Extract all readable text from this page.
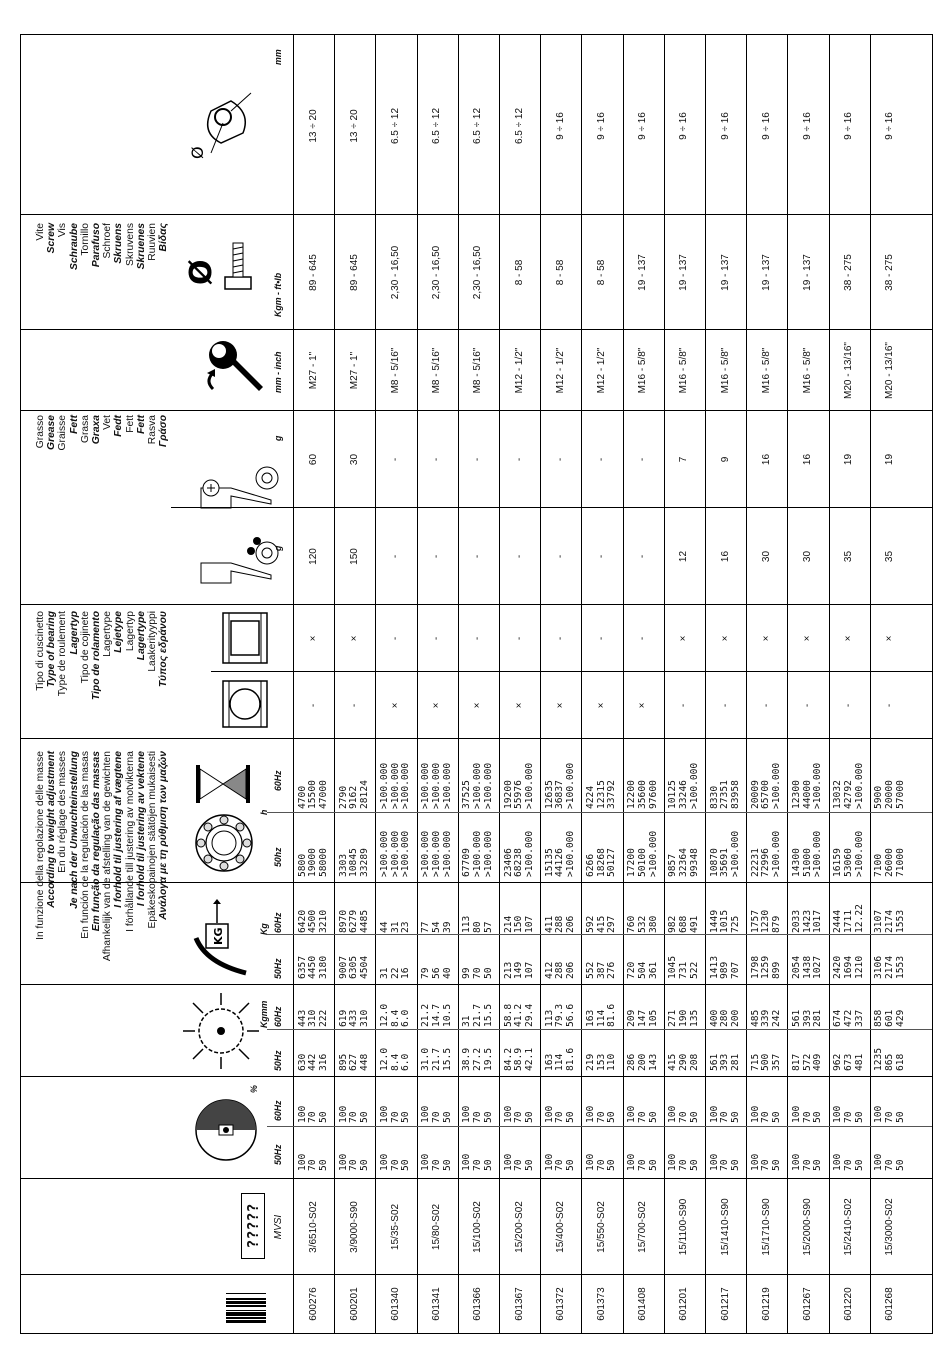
????? MVSI
%
50Hz
60Hz
Kgmm
50Hz
60Hz
KG	Kg
50Hz
60Hz
h
50hz
60Hz
In funzione della regolazione delle masse According to weight adjustment En du réglage des masses Je nach der Unwuchteinstellung En función de la regulación de las masas Em função da regulação das massas Afhankelijk van de afstelling van de gewichten I forhold til justering af vægtene I förhållande till justering av motvikterna I forhold til justering av vektene Epäkeskopainojen säätöjen mukaisesti Ανάλογα με τη ρύθμιση των μαζών
Tipo di cuscinetto Type of bearing Type de roulement Lagertyp Tipo de cojinete Tipo de rolamento Lagertype Lejetype Lagertyp Lagertype Laakerityyppi Τύπος εδράνου
Grasso Grease Graisse Fett Grasa Graxa Vet Fedt Fett Fett Rasva Γράσο
Vite Screw Vis Schraube Tornillo Parafuso Schroef Skruens Skruvens Skruenes Ruuvien Βίδας
g
g
mm - inch
Ø
Kgm - ft•lb
Ø
mm
600276
3/6510-S02
100 70 50
100 70 50
630 442 316
443 310 222
6357 4450 3180
6420 4500 3210
5800 19000 58000
4700 15500 47000
-
×
120
60
M27 - 1"
89 - 645
13 ÷ 20
600201
3/9000-S90
100 70 50
100 70 50
895 627 448
619 433 310
9007 6305 4504
8970 6279 4485
3303 10845 33289
2790 9162 28124
-
×
150
30
M27 - 1"
89 - 645
13 ÷ 20
601340
15/35-S02
100 70 50
100 70 50
12.0 8.4 6.0
12.0 8.4 6.0
31 22 16
44 31 23
>100.000 >100.000 >100.000
>100.000 >100.000 >100.000
×
-
-
-
M8 - 5/16"
2,30 - 16,50
6.5 ÷ 12
601341
15/80-S02
100 70 50
100 70 50
31.0 21.7 15.5
21.2 14.7 10.5
79 56 40
77 54 39
>100.000 >100.000 >100.000
>100.000 >100.000 >100.000
×
-
-
-
M8 - 5/16"
2,30 - 16,50
6.5 ÷ 12
601366
15/100-S02
100 70 50
100 70 50
38.9 27.2 19.5
31 21.7 15.5
99 70 50
113 80 57
67709 >100.000 >100.000
37525 >100.000 >100.000
×
-
-
-
M8 - 5/16"
2,30 - 16,50
6.5 ÷ 12
601367
15/200-S02
100 70 50
100 70 50
84.2 58.9 42.1
58.8 41.2 29.4
213 149 107
214 150 107
23406 68238 >100.000
19200 55976 >100.000
×
-
-
-
M12 - 1/2"
8 - 58
6.5 ÷ 12
601372
15/400-S02
100 70 50
100 70 50
163 114 81.6
113 79.3 56.6
412 288 206
411 288 206
15135 44126 >100.000
12635 36837 >100.000
×
-
-
-
M12 - 1/2"
8 - 58
9 ÷ 16
601373
15/550-S02
100 70 50
100 70 50
219 153 110
163 114 81.6
552 387 276
592 415 297
6266 18268 50127
4224 12315 33792
×
-
-
-
M12 - 1/2"
8 - 58
9 ÷ 16
601408
15/700-S02
100 70 50
100 70 50
286 200 143
209 147 105
720 504 361
760 532 380
17200 50100 >100.000
12200 35600 97600
×
-
-
-
M16 - 5/8"
19 - 137
9 ÷ 16
601201
15/1100-S90
100 70 50
100 70 50
415 290 208
271 190 135
1045 731 522
982 688 491
9857 32364 99348
10125 33246 >100.000
-
×
12
7
M16 - 5/8"
19 - 137
9 ÷ 16
601217
15/1410-S90
100 70 50
100 70 50
561 393 281
400 280 200
1413 989 707
1449 1015 725
10870 35691 >100.000
8330 27351 83958
-
×
16
9
M16 - 5/8"
19 - 137
9 ÷ 16
601219
15/1710-S90
100 70 50
100 70 50
715 500 357
485 339 242
1798 1259 899
1757 1230 879
22231 72996 >100.000
20009 65700 >100.000
-
×
30
16
M16 - 5/8"
19 - 137
9 ÷ 16
601267
15/2000-S90
100 70 50
100 70 50
817 572 409
561 393 281
2054 1438 1027
2033 1423 1017
14300 51000 >100.000
12300 44000 >100.000
-
×
30
16
M16 - 5/8"
19 - 137
9 ÷ 16
601220
15/2410-S02
100 70 50
100 70 50
962 673 481
674 472 337
2420 1694 1210
2444 1711 12.22
16159 53060 >100.000
13032 42792 >100.000
-
×
35
19
M20 - 13/16"
38 - 275
9 ÷ 16
601268
15/3000-S02
100 70 50
100 70 50
1235 865 618
858 601 429
3106 2174 1553
3107 2174 1553
7100 26000 71000
5900 20000 57000
-
×
35
19
M20 - 13/16"
38 - 275
9 ÷ 16
